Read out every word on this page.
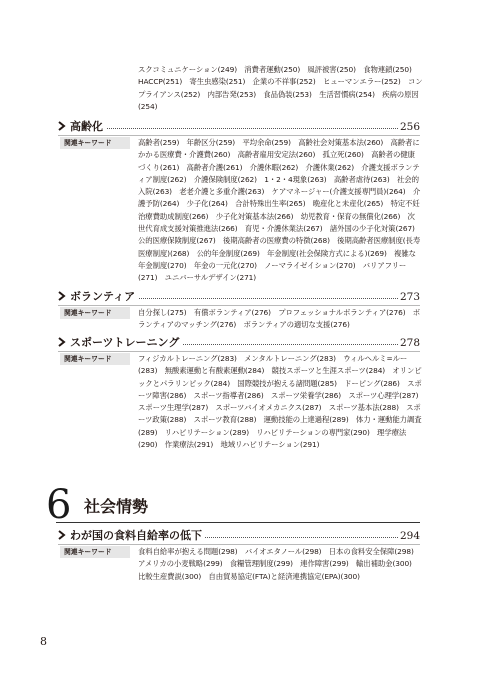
スクコミュニケーション(249)　消費者運動(250)　風評被害(250)　食物連鎖(250)　HACCP(251)　寄生虫感染(251)　企業の不祥事(252)　ヒューマンエラー(252)　コンプライアンス(252)　内部告発(253)　食品偽装(253)　生活習慣病(254)　疾病の原因(254)
高齢化	256
関連キーワード	高齢者(259)　年齢区分(259)　平均余命(259)　高齢社会対策基本法(260)　高齢者にかかる医療費・介護費(260)　高齢者雇用安定法(260)　孤立死(260)　高齢者の健康づくり(261)　高齢者介護(261)　介護休暇(262)　介護休業(262)　介護支援ボランティア制度(262)　介護保険制度(262)　1・2・4現象(263)　高齢者虐待(263)　社会的入院(263)　老老介護と多重介護(263)　ケアマネージャー(介護支援専門員)(264)　介護予防(264)　少子化(264)　合計特殊出生率(265)　晩産化と未産化(265)　特定不妊治療費助成制度(266)　少子化対策基本法(266)　幼児教育・保育の無償化(266)　次世代育成支援対策推進法(266)　育児・介護休業法(267)　諸外国の少子化対策(267)　公的医療保険制度(267)　後期高齢者の医療費の特徴(268)　後期高齢者医療制度(長寿医療制度)(268)　公的年金制度(269)　年金制度(社会保険方式による)(269)　複雑な年金制度(270)　年金の一元化(270)　ノーマライゼイション(270)　バリアフリー(271)　ユニバーサルデザイン(271)
ボランティア	273
関連キーワード	自分探し(275)　有償ボランティア(276)　プロフェッショナルボランティア(276)　ボランティアのマッチング(276)　ボランティアの適切な支援(276)
スポーツトレーニング	278
関連キーワード	フィジカルトレーニング(283)　メンタルトレーニング(283)　ウィルヘルミ=ルー(283)　無酸素運動と有酸素運動(284)　競技スポーツと生涯スポーツ(284)　オリンピックとパラリンピック(284)　国際競技が抱える諸問題(285)　ドーピング(286)　スポーツ障害(286)　スポーツ指導者(286)　スポーツ栄養学(286)　スポーツ心理学(287)　スポーツ生理学(287)　スポーツバイオメカニクス(287)　スポーツ基本法(288)　スポーツ政策(288)　スポーツ教育(288)　運動技能の上達過程(289)　体力・運動能力調査(289)　リハビリテーション(289)　リハビリテーションの専門家(290)　理学療法(290)　作業療法(291)　地域リハビリテーション(291)
6 社会情勢
わが国の食料自給率の低下	294
関連キーワード	食料自給率が抱える問題(298)　バイオエタノール(298)　日本の食料安全保障(298)　アメリカの小麦戦略(299)　食糧管理制度(299)　連作障害(299)　輸出補助金(300)　比較生産費説(300)　自由貿易協定(FTA)と経済連携協定(EPA)(300)
8
